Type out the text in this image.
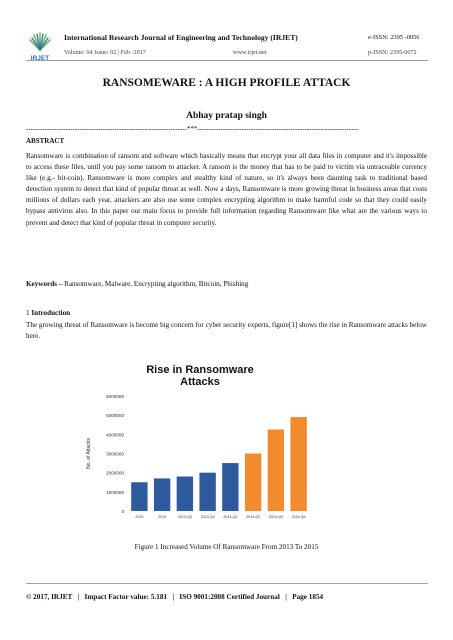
IRJET
International Research Journal of Engineering and Technology (IRJET)	e-ISSN: 2395 -0056
Volume: 04 Issue: 02 | Feb -2017	www.irjet.net	p-ISSN: 2395-0072
RANSOMEWARE : A HIGH PROFILE ATTACK
Abhay pratap singh
---------------------------------------------------------------------***---------------------------------------------------------------------
ABSTRACT
Ransomware is combination of ransom and software which basically means that encrypt your all data files in computer and it's impossible to access these files, until you pay some ransom to attacker. A ransom is the money that has to be paid to victim via untraceable currency like (e.g.- bit-coin). Ransomware is more complex and stealthy kind of nature, so it's always been daunting task to traditional based detection system to detect that kind of popular threat as well. Now a days, Ransomware is more growing threat in business areas that costs millions of dollars each year, attackers are also use some complex encrypting algorithm to make harmful code so that they could easily bypass antivirus also. In this paper our main focus to provide full information regarding Ransomware like what are the various ways to prevent and detect that kind of popular threat in computer security.
Keywords – Ransomware, Malware, Encrypting algorithm, Bitcoin, Phishing
1 Introduction
The growing threat of Ransomware is become big concern for cyber security experts, figure[1] shows the rise in Ransomware attacks below here.
Rise in Ransomware Attacks
No. of Attacks
0
1000000
2000000
3000000
4000000
5000000
6000000
2013	2013	2013-Q3 2013-Q4 2014-Q1 2014-Q2 2014-Q3 2014-Q4
Figure 1 Increased Volume Of Ransomware From 2013 To 2015
© 2017, IRJET   |   Impact Factor value: 5.181   |   ISO 9001:2008 Certified Journal   |   Page 1854
